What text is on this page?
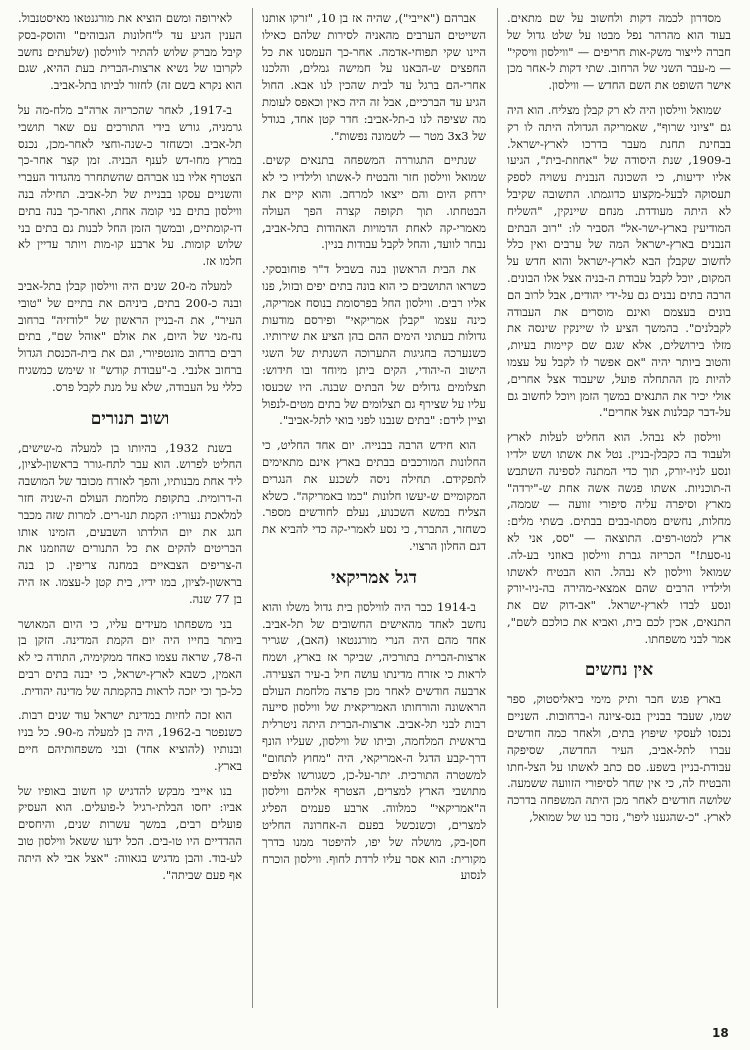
מסדרון לכמה דקות ולחשוב על שם מתאים. בעוד הוא מהרהר נפל מבטו על שלט גדול של חברה לייצור משק-אות חריפים — "ווילסון וויסקי" — מ-עבר השני של הרחוב. שתי דקות ל-אחר מכן אישר השופט את השם החדש — ווילסון.

שמואל ווילסון היה לא רק קבלן מצליח. הוא היה גם "ציוני שרוף", שאמריקה הגדולה היתה לו רק בבחינת תחנת מעבר בדרכו לארץ-ישראל. ב-1909, שנת היסודה של "אחוזת-בית", הגיעו אליו ידיעות, כי השכונה הנבנית עשויה לספק תעסוקה לבעל-מקצוע כדוגמתו. התשובה שקיבל לא היתה מעודדת. מנחם שיינקין, "השליח המודיעין בארץ-ישר-אל" הסביר לו: "רוב הבתים הנבנים בארץ-ישראל המה של ערבים ואין כלל לחשוב שקבלן הבא לארץ-ישראל והוא חדש על המקום, יוכל לקבל עבודת ה-בניה אצל אלו הבונים. הרבה בתים נבנים גם על-ידי יהודים, אבל לרוב הם בונים בעצמם ואינם מוסרים את העבודה לקבלנים". בהמשך הציע לו שיינקין שינסה את מזלו בירושלים, אלא שגם שם קיימות בעיות, והטוב ביותר יהיה "אם אפשר לו לקבל על עצמו להיות מן ההתחלה פועל, שיעבוד אצל אחרים, אולי יכיר את התנאים במשך הזמן ויוכל לחשוב גם על-דבר קבלנות אצל אחרים".

ווילסון לא נבהל. הוא החליט לעלות לארץ ולעבוד בה כקבלן-בניין. נטל את אשתו ושש ילדיו ונסע לניו-יורק, תוך כדי המתנה לספינה השתבש ה-תוכניות. אשתו פגשה אשה אחת ש-"ירדה" מארץ וסיפרה עליה סיפורי זוועה — שממה, מחלות, נחשים מסתו-בבים בבתים. בשתי מלים: ארץ למטו-רפים. התוצאה — "סס, אני לא נו-סעת!" הכריזה גברת ווילסון באוזני בע-לה. שמואל ווילסון לא נבהל. הוא הבטיח לאשתו ולילדיו הרבים שהם אמצאי-מהירה בה-ניו-יורק ונסע לבדו לארץ-ישראל. "אב-דוק שם את התנאים, אכין לכם בית, ואביא את כולכם לשם", אמר לבני משפחתו.

אין נחשים

בארץ פגש חבר ותיק מימי ביאליסטוק, ספר שמו, שעבד בבניין בנס-ציונה ו-ברחובות. השניים נכנסו לעסקי שיפוץ בתים, ולאחר כמה חודשים עברו לתל-אביב, העיר החדשה, שסיפקה עבודת-בניין בשפע. סם כתב לאשתו על הצל-חתו והבטיח לה, כי אין שחר לסיפורי הזוועה ששמעה. שלושה חודשים לאחר מכן היתה המשפחה בדרכה לארץ. "כ-שהגענו ליפו", נזכר בנו של שמואל,

אברהם ("אייבי"), שהיה אז בן 10, "זרקו אותנו השייטים הערבים מהאניה לסירות שלהם כאילו היינו שקי תפוחי-אדמה. אחר-כך העמסנו את כל החפצים ש-הבאנו על חמישה גמלים, והלכנו אחרי-הם ברגל עד לבית שהכין לנו אבא. החול הגיע עד הברכיים, אבל זה היה כאין וכאפס לעומת מה שציפה לנו ב-תל-אביב: חדר קטן אחד, בגודל של 3x3 מטר — לשמונה נפשות".

שנתיים התגוררה המשפחה בתנאים קשים. שמואל ווילסון חזר והבטיח ל-אשתו ולילדיו כי לא ירחק היום והם ייצאו למרחב. והוא קיים את הבטחתו. תוך תקופה קצרה הפך העולה מאמרי-קה לאחת הדמויות האהודות בתל-אביב, נבחר לוועד, והחל לקבל עבודות בניין.

את הבית הראשון בנה בשביל ד"ר פוחובסקי. כשראו התושבים כי הוא בונה בתים יפים ובזול, פנו אליו רבים. ווילסון החל בפרסומת בנוסח אמריקה, כינה עצמו "קבלן אמריקאי" ופירסם מודעות גדולות בעתוני הימים ההם בהן הציע את שירותיו. כשנערכה בחגיגות התערוכה השנתית של השגי הישוב ה-יהודי, הקים ביתן מיוחד ובו חידוש: תצלומים גדולים של הבתים שבנה. היו שכעסו עליו על שצירף גם תצלומים של בתים מטים-לנפול וציין לידם: "בתים שנבנו לפני בואי לתל-אביב".

הוא חידש הרבה בבנייה. יום אחד החליט, כי החלונות המורכבים בבתים בארץ אינם מתאימים לתפקידם. תחילה ניסה לשכנע את הנגרים המקומיים ש-יעשו חלונות "כמו באמריקה". כשלא הצליח במשא השכנוע, נעלם לחודשים מספר. כשחזר, התברר, כי נסע לאמרי-קה כדי להביא את דגם החלון הרצוי.

דגל אמריקאי

ב-1914 כבר היה לווילסון בית גדול משלו והוא נחשב לאחד מהאישים החשובים של תל-אביב. אחד מהם היה הנרי מורגנטאו (האב), שגריר ארצות-הברית בתורכיה, שביקר אז בארץ, ושמח לראות כי אזרח מדינתו עושה חיל ב-עיר הצעירה. ארבעה חודשים לאחר מכן פרצה מלחמת העולם הראשונה והורחותו האמריקאית של ווילסון סייעה רבות לבני תל-אביב. ארצות-הברית היתה ניטרלית בראשית המלחמה, וביתו של ווילסון, שעליו הונף דרך-קבע הדגל ה-אמריקאי, היה "מחוץ לתחום" למשטרה התורכית. יתר-על-כן, כשגורשו אלפים מתושבי הארץ למצרים, הצטרף אליהם ווילסון ה"אמריקאי" כמלווה. ארבע פעמים הפליג למצרים, וכשנכשל בפעם ה-אחרונה החליט חסן-בק, מושלה של יפו, להיפטר ממנו בדרך מקורית: הוא אסר עליו לרדת לחוף. ווילסון הוכרח לנסוע

לאירופה ומשם הוציא את מורגנטאו מאיסטנבול. הענין הגיע עד ל"חלונות הגבוהים" והוסק-בסק קיבל מברק שלוש להתיר לווילסון (שלעתים נחשב לקרובו של נשיא ארצות-הברית בעת ההיא, שגם הוא נקרא בשם זה) לחזור לביתו בתל-אביב.

ב-1917, לאחר שהכריזה ארה"ב מלח-מה על גרמניה, גורש בידי התורכים עם שאר תושבי תל-אביב. וכשחזר כ-שנה-וחצי לאחר-מכן, נכנס במרץ מחו-דש לענף הבניה. זמן קצר אחר-כך הצטרף אליו בנו אברהם שהשתחרר מהגדוד העברי והשניים עסקו בבניית של תל-אביב. תחילה בנה ווילסון בתים בני קומה אחת, ואחר-כך בנה בתים דו-קומתיים, ובמשך הזמן החל לבנות גם בתים בני שלוש קומות. על ארבע קו-מות ויותר עדיין לא חלמו אז.

למעלה מ-20 שנים היה ווילסון קבלן בתל-אביב ובנה כ-200 בתים, ביניהם את בתיים של "טובי העיר", את ה-בניין הראשון של "לודזיה" ברחוב נח-מני של היום, את אולם "אוהל שם", בתים רבים ברחוב מונטפיורי, וגם את בית-הכנסת הגדול ברחוב אלנבי. ב-"עבודת קודש" זו שימש כמשגיח כללי על העבודה, שלא על מנת לקבל פרס.

ושוב תנורים

בשנת 1932, בהיותו בן למעלה מ-שישים, החליט לפרוש. הוא עבר לתח-גורר בראשון-לציון, ליד אחת מבנותיו, והפך לאזרח מכובד של המושבה ה-דרומית. בתקופת מלחמת העולם ה-שניה חזר למלאכת נעוריו: הקמת תנו-רים. למרות שזה מכבר חגג את יום הולדתו השבעים, הזמינו אותו הבריטים להקים את כל התנורים שהוזמנו את ה-צריפים הצבאיים במחנה צריפין. כן בנה בראשון-לציון, במו ידיו, בית קטן ל-עצמו. אז היה בן 77 שנה.

בני משפחתו מעידים עליו, כי היום המאושר ביותר בחייו היה יום הקמת המדינה. הזקן בן ה-78, שראה עצמו כאחד ממקימיה, התודה כי לא האמין, כשבא לארץ-ישראל, כי יבנה בתים רבים כל-כך וכי יזכה לראות בהקמתה של מדינה יהודית.

הוא זכה לחיות במדינת ישראל עוד שנים רבות. כשנפטר ב-1962, היה בן למעלה מ-90. כל בניו ובנותיו (להוציא אחד) ובני משפחותיהם חיים בארץ.

בנו אייבי מבקש להדגיש קו חשוב באופיו של אביו: יחסו הבלתי-רגיל ל-פועלים. הוא העסיק פועלים רבים, במשך עשרות שנים, והיחסים ההדדיים היו טו-בים. הכל ידעו ששאל ווילסון טוב לע-בוד. והבן מדגיש בגאווה: "אצל אבי לא היתה אף פעם שביתה".

18
